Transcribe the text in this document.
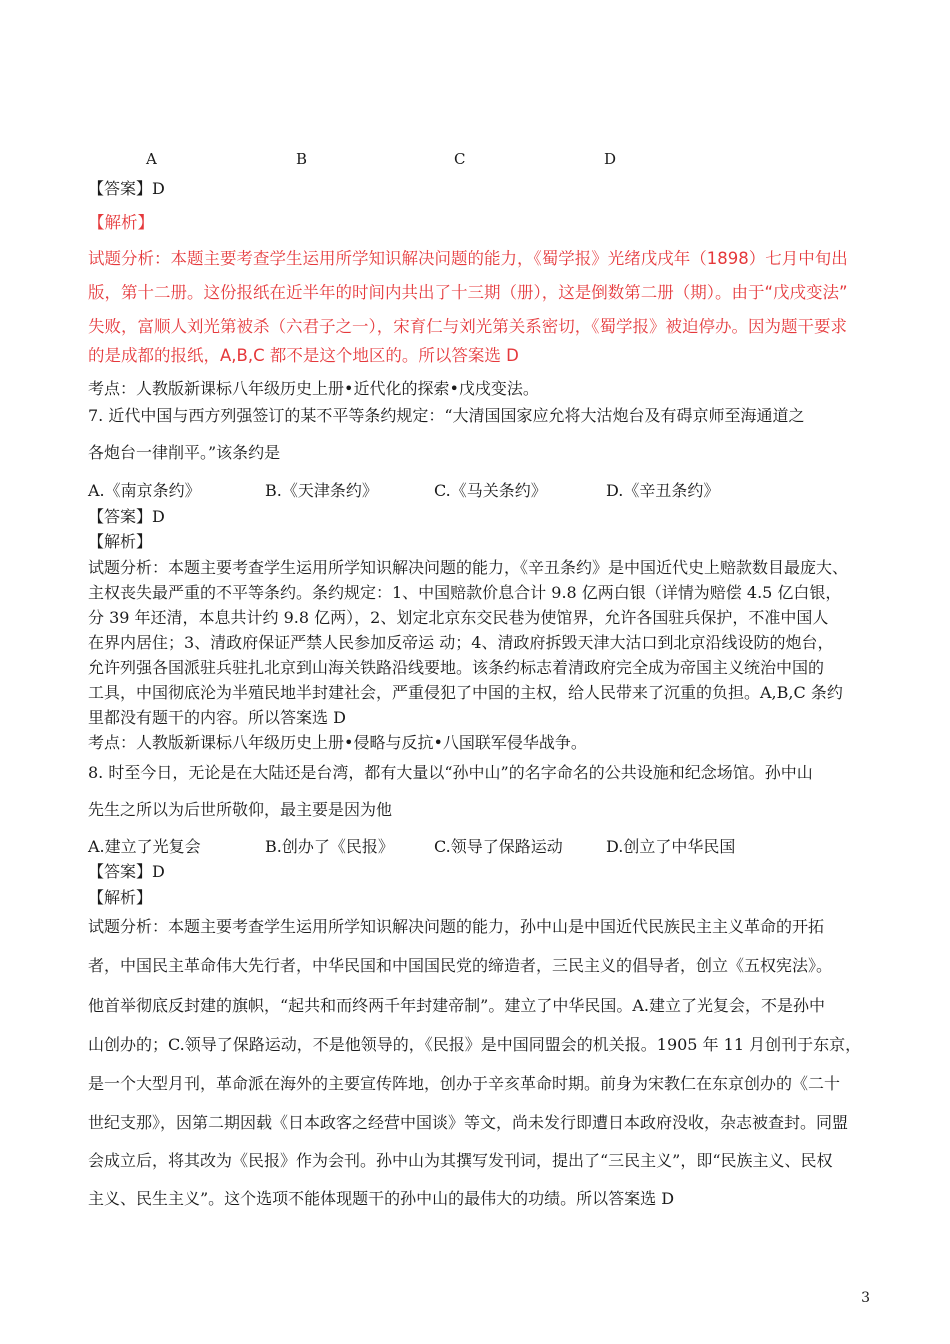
A	B	C	D
【答案】D
【解析】
试题分析：本题主要考查学生运用所学知识解决问题的能力，《蜀学报》光绪戊戌年（1898）七月中旬出
版，第十二册。这份报纸在近半年的时间内共出了十三期（册），这是倒数第二册（期）。由于“戊戌变法”
失败，富顺人刘光第被杀（六君子之一），宋育仁与刘光第关系密切，《蜀学报》被迫停办。因为题干要求
的是成都的报纸，A,B,C 都不是这个地区的。所以答案选 D
考点：人教版新课标八年级历史上册•近代化的探索•戊戌变法。
7. 近代中国与西方列强签订的某不平等条约规定：“大清国国家应允将大沽炮台及有碍京师至海通道之
各炮台一律削平。”该条约是
A.《南京条约》	B.《天津条约》	C.《马关条约》	D.《辛丑条约》
【答案】D
【解析】
试题分析：本题主要考查学生运用所学知识解决问题的能力，《辛丑条约》是中国近代史上赔款数目最庞大、
主权丧失最严重的不平等条约。条约规定：1、中国赔款价息合计 9.8 亿两白银（详情为赔偿 4.5 亿白银，
分 39 年还清，本息共计约 9.8 亿两），2、划定北京东交民巷为使馆界，允许各国驻兵保护，不准中国人
在界内居住；3、清政府保证严禁人民参加反帝运 动；4、清政府拆毁天津大沽口到北京沿线设防的炮台，
允许列强各国派驻兵驻扎北京到山海关铁路沿线要地。该条约标志着清政府完全成为帝国主义统治中国的
工具，中国彻底沦为半殖民地半封建社会，严重侵犯了中国的主权，给人民带来了沉重的负担。A,B,C 条约
里都没有题干的内容。所以答案选 D
考点：人教版新课标八年级历史上册•侵略与反抗•八国联军侵华战争。
8. 时至今日，无论是在大陆还是台湾，都有大量以“孙中山”的名字命名的公共设施和纪念场馆。孙中山
先生之所以为后世所敬仰，最主要是因为他
A.建立了光复会	B.创办了《民报》	C.领导了保路运动	D.创立了中华民国
【答案】D
【解析】
试题分析：本题主要考查学生运用所学知识解决问题的能力，孙中山是中国近代民族民主主义革命的开拓
者，中国民主革命伟大先行者，中华民国和中国国民党的缔造者，三民主义的倡导者，创立《五权宪法》。
他首举彻底反封建的旗帜，“起共和而终两千年封建帝制”。建立了中华民国。A.建立了光复会，不是孙中
山创办的；C.领导了保路运动，不是他领导的，《民报》是中国同盟会的机关报。1905 年 11 月创刊于东京，
是一个大型月刊，革命派在海外的主要宣传阵地，创办于辛亥革命时期。前身为宋教仁在东京创办的《二十
世纪支那》，因第二期因载《日本政客之经营中国谈》等文，尚未发行即遭日本政府没收，杂志被查封。同盟
会成立后，将其改为《民报》作为会刊。孙中山为其撰写发刊词，提出了“三民主义”，即“民族主义、民权
主义、民生主义”。这个选项不能体现题干的孙中山的最伟大的功绩。所以答案选 D
3
